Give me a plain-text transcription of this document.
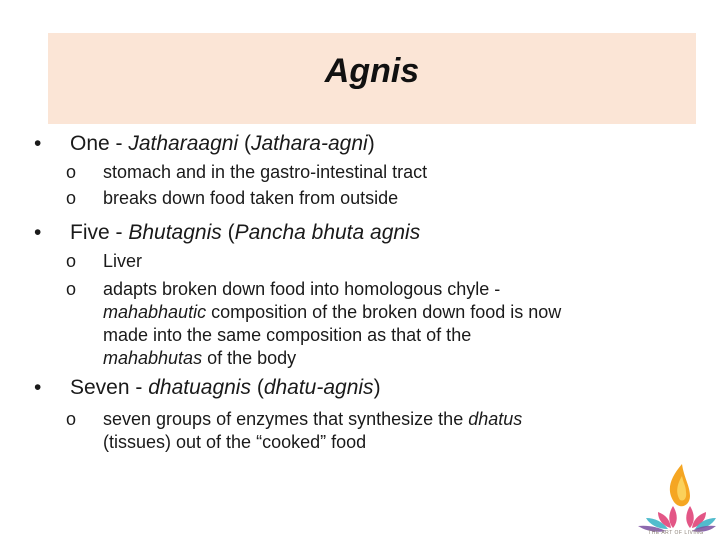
Agnis
• One - Jatharaagni (Jathara-agni)
o stomach and in the gastro-intestinal tract
o breaks down food taken from outside
• Five - Bhutagnis (Pancha bhuta agnis
o Liver
o adapts broken down food into homologous chyle -
mahabhautic composition of the broken down food is now
made into the same composition as that of the
mahabhutas of the body
• Seven - dhatuagnis (dhatu-agnis)
o seven groups of enzymes that synthesize the dhatus
(tissues) out of the “cooked” food
THE ART OF LIVING
